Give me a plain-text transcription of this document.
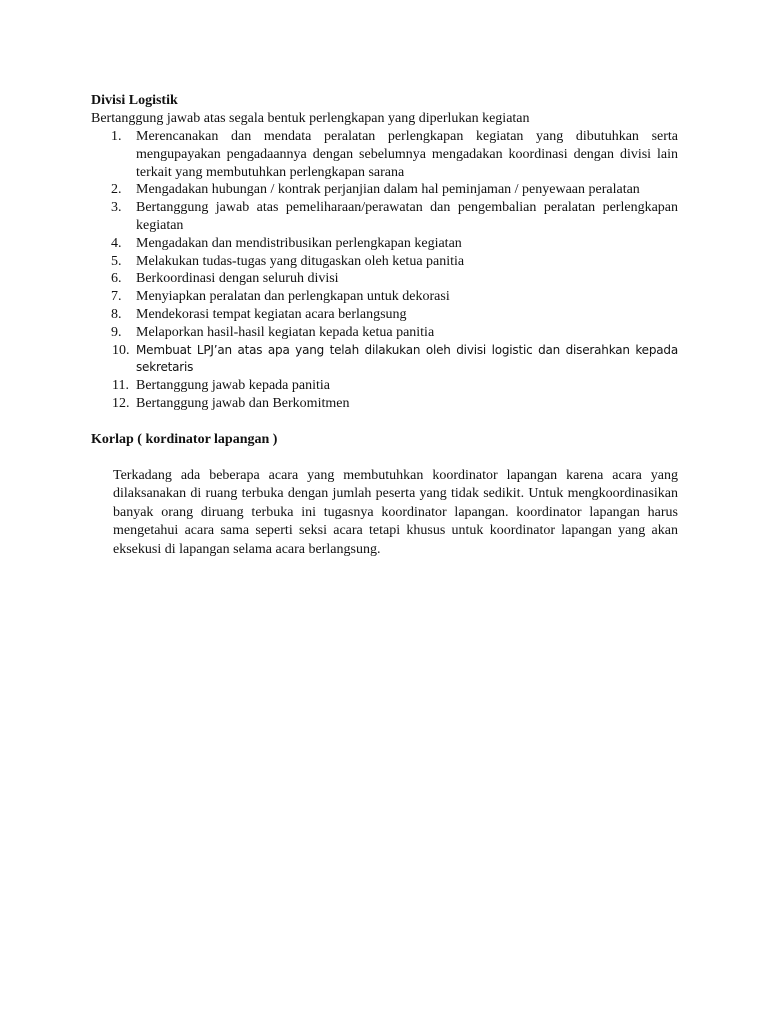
Divisi Logistik

Bertanggung jawab atas segala bentuk perlengkapan yang diperlukan kegiatan

1.	Merencanakan dan mendata peralatan perlengkapan kegiatan yang dibutuhkan serta mengupayakan pengadaannya dengan sebelumnya mengadakan koordinasi dengan divisi lain terkait yang membutuhkan perlengkapan sarana
2.	Mengadakan hubungan / kontrak perjanjian dalam hal peminjaman / penyewaan peralatan
3.	Bertanggung jawab atas pemeliharaan/perawatan dan pengembalian peralatan perlengkapan kegiatan
4.	Mengadakan dan mendistribusikan perlengkapan kegiatan
5.	Melakukan tudas-tugas yang ditugaskan oleh ketua panitia
6.	Berkoordinasi dengan seluruh divisi
7.	Menyiapkan peralatan dan perlengkapan untuk dekorasi
8.	Mendekorasi tempat kegiatan acara berlangsung
9.	Melaporkan hasil-hasil kegiatan kepada ketua panitia
10. Membuat LPJ’an atas apa yang telah dilakukan oleh divisi logistic dan diserahkan kepada sekretaris
11. Bertanggung jawab kepada panitia
12. Bertanggung jawab dan Berkomitmen

Korlap ( kordinator lapangan )

Terkadang ada beberapa acara yang membutuhkan koordinator lapangan karena acara yang dilaksanakan di ruang terbuka dengan jumlah peserta yang tidak sedikit. Untuk mengkoordinasikan banyak orang diruang terbuka ini tugasnya koordinator lapangan. koordinator lapangan harus mengetahui acara sama seperti seksi acara tetapi khusus untuk koordinator lapangan yang akan eksekusi di lapangan selama acara berlangsung.
